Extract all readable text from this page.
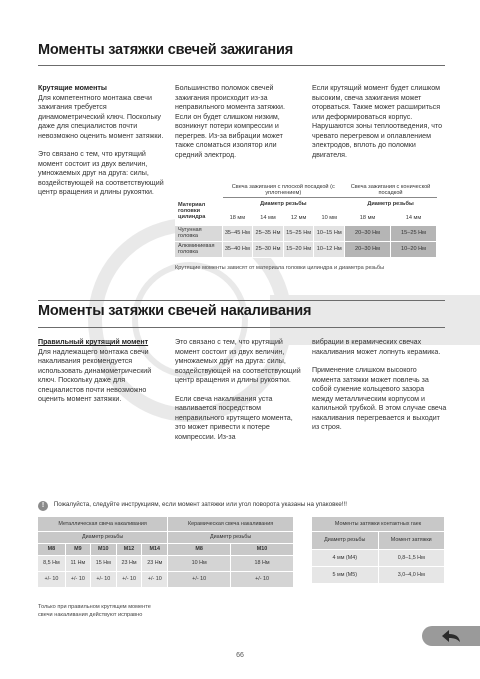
Моменты затяжки свечей зажигания
Крутящие моменты

Для компетентного монтажа свечи зажигания требуется динамометрический ключ. Поскольку даже для специалистов почти невозможно оценить момент затяжки.

Это связано с тем, что крутящий момент состоит из двух величин, умножаемых друг на друга: силы, воздействующей на соответствующий центр вращения и длины рукоятки.

Большинство поломок свечей зажигания происходит из-за неправильного момента затяжки. Если он будет слишком низким, возникнут потери компрессии и перегрев. Из-за вибрации может также сломаться изолятор или средний электрод.

Если крутящий момент будет слишком высоким, свеча зажигания может оторваться. Также может расшириться или деформироваться корпус. Нарушаются зоны теплоотведения, что чревато перегревом и оплавлением электродов, вплоть до поломки двигателя.

	Свеча зажигания с плоской посадкой (с уплотнением)				Свеча зажигания с конической посадкой	
Материал головки цилиндра	Диаметр резьбы				Диаметр резьбы	
	18 мм	14 мм	12 мм	10 мм	18 мм	14 мм
Чугунная головка	35–45 Нм	25–35 Нм	15–25 Нм	10–15 Нм	20–30 Нм	15–25 Нм
Алюминиевая головка	35–40 Нм	25–30 Нм	15–20 Нм	10–12 Нм	20–30 Нм	10–20 Нм
Крутящие моменты зависят от материала головки цилиндра и диаметра резьбы
Моменты затяжки свечей накаливания
Правильный крутящий момент

Для надлежащего монтажа свечи накаливания рекомендуется использовать динамометрический ключ. Поскольку даже для специалистов почти невозможно оценить момент затяжки.

Это связано с тем, что крутящий момент состоит из двух величин, умножаемых друг на друга: силы, воздействующей на соответствующий центр вращения и длины рукоятки.

Если свеча накаливания уста навливается посредством неправильного крутящего момента, это может привести к потере компрессии. Из-за

вибрации в керамических свечах накаливания может лопнуть керамика.

Применение слишком высокого момента затяжки может повлечь за собой сужение кольцевого зазора между металлическим корпусом и калильной трубкой. В этом случае свеча накаливания перегревается и выходит из строя.

! Пожалуйста, следуйте инструкциям, если момент затяжки или угол поворота указаны на упаковке!!!
Металлическая свеча накаливания					Керамическая свеча накаливания	
Диаметр резьбы					Диаметр резьбы	
M8	M9	M10	M12	M14	M8	M10
8,5 Нм	11 Нм	15 Нм	23 Нм	23 Нм	10 Нм	18 Нм
+/- 10	+/- 10	+/- 10	+/- 10	+/- 10	+/- 10	+/- 10
Моменты затяжки контактных гаек	
Диаметр резьбы	Момент затяжки
4 мм (M4)	0,8–1,5 Нм
5 мм (M5)	3,0–4,0 Нм
Только при правильном крутящем моменте свечи накаливания действуют исправно
66
